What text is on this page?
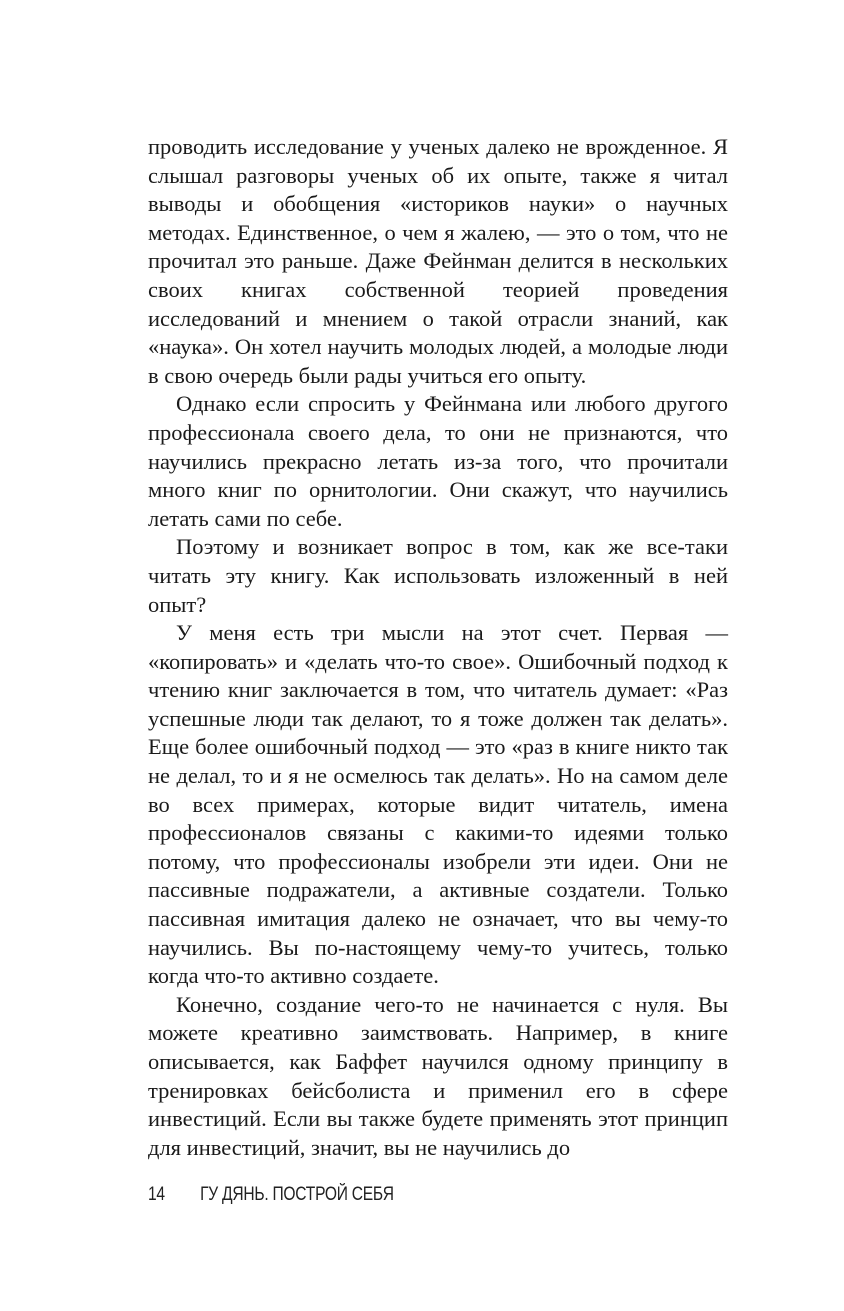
проводить исследование у ученых далеко не врожденное. Я слышал разговоры ученых об их опыте, также я читал выводы и обобщения «историков науки» о научных методах. Единственное, о чем я жалею, — это о том, что не прочитал это раньше. Даже Фейнман делится в нескольких своих книгах собственной теорией проведения исследований и мнением о такой отрасли знаний, как «наука». Он хотел научить молодых людей, а молодые люди в свою очередь были рады учиться его опыту.

Однако если спросить у Фейнмана или любого другого профессионала своего дела, то они не признаются, что научились прекрасно летать из-за того, что прочитали много книг по орнитологии. Они скажут, что научились летать сами по себе.

Поэтому и возникает вопрос в том, как же все-таки читать эту книгу. Как использовать изложенный в ней опыт?

У меня есть три мысли на этот счет. Первая — «копировать» и «делать что-то свое». Ошибочный подход к чтению книг заключается в том, что читатель думает: «Раз успешные люди так делают, то я тоже должен так делать». Еще более ошибочный подход — это «раз в книге никто так не делал, то и я не осмелюсь так делать». Но на самом деле во всех примерах, которые видит читатель, имена профессионалов связаны с какими-то идеями только потому, что профессионалы изобрели эти идеи. Они не пассивные подражатели, а активные создатели. Только пассивная имитация далеко не означает, что вы чему-то научились. Вы по-настоящему чему-то учитесь, только когда что-то активно создаете.

Конечно, создание чего-то не начинается с нуля. Вы можете креативно заимствовать. Например, в книге описывается, как Баффет научился одному принципу в тренировках бейсболиста и применил его в сфере инвестиций. Если вы также будете применять этот принцип для инвестиций, значит, вы не научились до

14 ГУ ДЯНЬ. ПОСТРОЙ СЕБЯ
